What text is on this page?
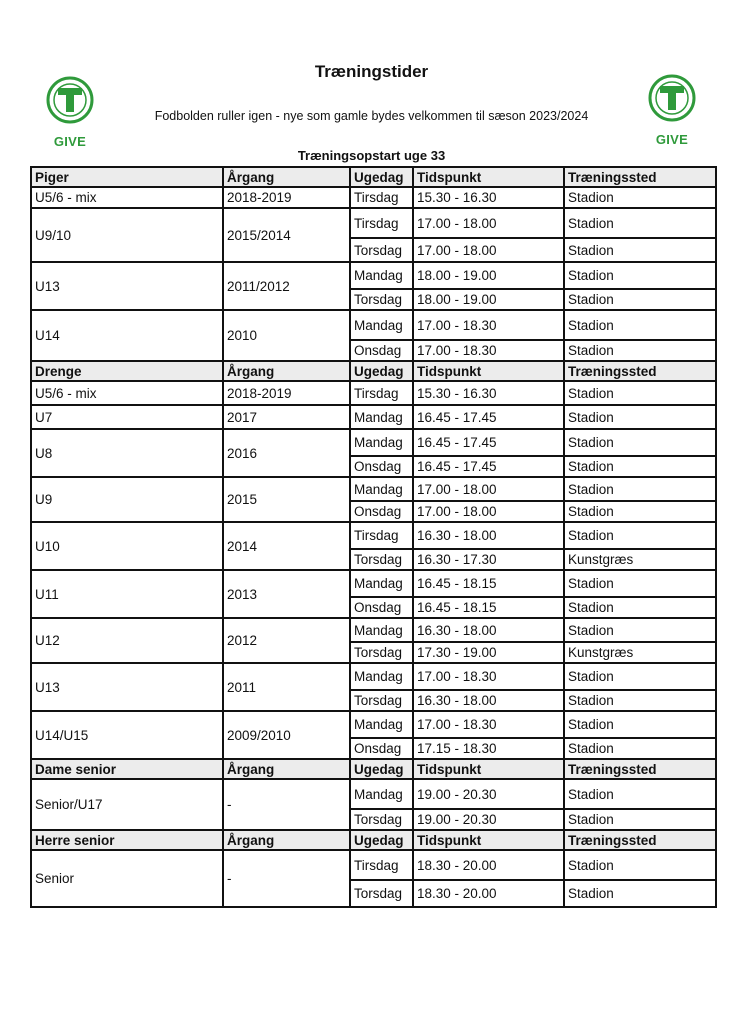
GIVE	GIVE
Træningstider
Fodbolden ruller igen - nye som gamle bydes velkommen til sæson 2023/2024
Træningsopstart uge 33
Piger	Årgang	Ugedag	Tidspunkt	Træningssted
U5/6 - mix	2018-2019	Tirsdag	15.30 - 16.30	Stadion
U9/10	2015/2014	Tirsdag	17.00 - 18.00	Stadion
		Torsdag	17.00 - 18.00	Stadion
U13	2011/2012	Mandag	18.00 - 19.00	Stadion
		Torsdag	18.00 - 19.00	Stadion
U14	2010	Mandag	17.00 - 18.30	Stadion
		Onsdag	17.00 - 18.30	Stadion
Drenge	Årgang	Ugedag	Tidspunkt	Træningssted
U5/6 - mix	2018-2019	Tirsdag	15.30 - 16.30	Stadion
U7	2017	Mandag	16.45 - 17.45	Stadion
U8	2016	Mandag	16.45 - 17.45	Stadion
		Onsdag	16.45 - 17.45	Stadion
U9	2015	Mandag	17.00 - 18.00	Stadion
		Onsdag	17.00 - 18.00	Stadion
U10	2014	Tirsdag	16.30 - 18.00	Stadion
		Torsdag	16.30 - 17.30	Kunstgræs
U11	2013	Mandag	16.45 - 18.15	Stadion
		Onsdag	16.45 - 18.15	Stadion
U12	2012	Mandag	16.30 - 18.00	Stadion
		Torsdag	17.30 - 19.00	Kunstgræs
U13	2011	Mandag	17.00 - 18.30	Stadion
		Torsdag	16.30 - 18.00	Stadion
U14/U15	2009/2010	Mandag	17.00 - 18.30	Stadion
		Onsdag	17.15 - 18.30	Stadion
Dame senior	Årgang	Ugedag	Tidspunkt	Træningssted
Senior/U17	-	Mandag	19.00 - 20.30	Stadion
		Torsdag	19.00 - 20.30	Stadion
Herre senior	Årgang	Ugedag	Tidspunkt	Træningssted
Senior	-	Tirsdag	18.30 - 20.00	Stadion
		Torsdag	18.30 - 20.00	Stadion
